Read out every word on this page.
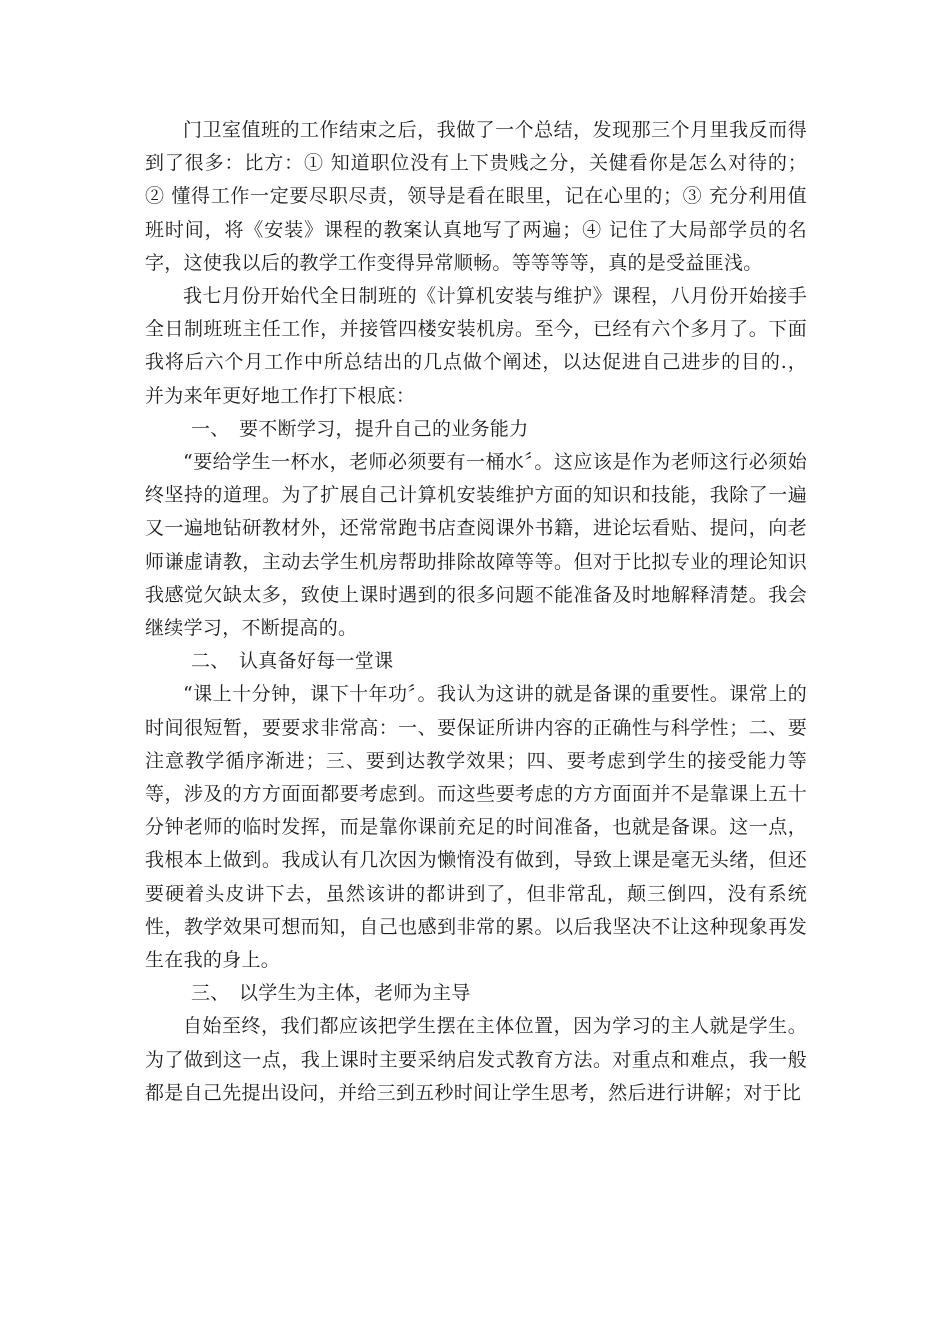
门卫室值班的工作结束之后，我做了一个总结，发现那三个月里我反而得到了很多：比方：① 知道职位没有上下贵贱之分，关健看你是怎么对待的；② 懂得工作一定要尽职尽责，领导是看在眼里，记在心里的；③ 充分利用值班时间，将《安装》课程的教案认真地写了两遍；④ 记住了大局部学员的名字，这使我以后的教学工作变得异常顺畅。等等等等，真的是受益匪浅。

我七月份开始代全日制班的《计算机安装与维护》课程，八月份开始接手全日制班班主任工作，并接管四楼安装机房。至今，已经有六个多月了。下面我将后六个月工作中所总结出的几点做个阐述，以达促进自己进步的目的.，并为来年更好地工作打下根底：

一、 要不断学习，提升自己的业务能力

“要给学生一杯水，老师必须要有一桶水〞。这应该是作为老师这行必须始终坚持的道理。为了扩展自己计算机安装维护方面的知识和技能，我除了一遍又一遍地钻研教材外，还常常跑书店查阅课外书籍，进论坛看贴、提问，向老师谦虚请教，主动去学生机房帮助排除故障等等。但对于比拟专业的理论知识我感觉欠缺太多，致使上课时遇到的很多问题不能准备及时地解释清楚。我会继续学习，不断提高的。

二、 认真备好每一堂课

“课上十分钟，课下十年功〞。我认为这讲的就是备课的重要性。课常上的时间很短暂，要要求非常高：一、要保证所讲内容的正确性与科学性；二、要注意教学循序渐进；三、要到达教学效果；四、要考虑到学生的接受能力等等，涉及的方方面面都要考虑到。而这些要考虑的方方面面并不是靠课上五十分钟老师的临时发挥，而是靠你课前充足的时间准备，也就是备课。这一点，我根本上做到。我成认有几次因为懒惰没有做到，导致上课是毫无头绪，但还要硬着头皮讲下去，虽然该讲的都讲到了，但非常乱，颠三倒四，没有系统性，教学效果可想而知，自己也感到非常的累。以后我坚决不让这种现象再发生在我的身上。

三、 以学生为主体，老师为主导

自始至终，我们都应该把学生摆在主体位置，因为学习的主人就是学生。为了做到这一点，我上课时主要采纳启发式教育方法。对重点和难点，我一般都是自己先提出设问，并给三到五秒时间让学生思考，然后进行讲解；对于比
